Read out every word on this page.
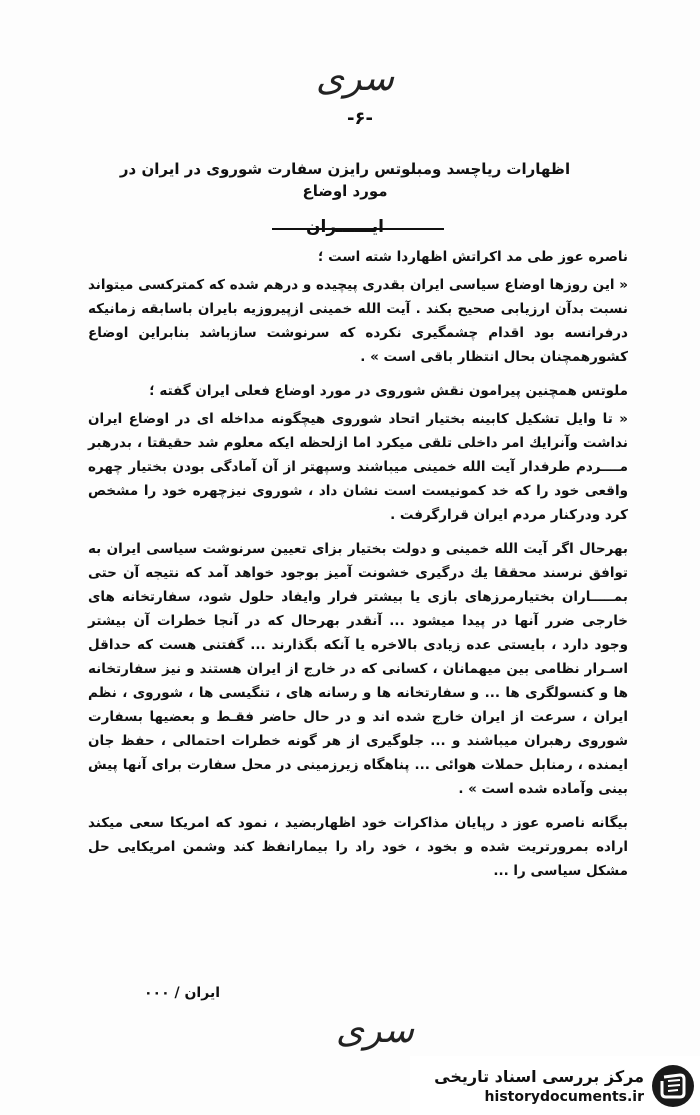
سری
-۶-
اظهارات رياچسد ومبلوتس رايزن سفارت شوروی در ايران در مورد اوضاع
ايــــــران

ناصره عوز طى مد اكراتش اظهاردا شته است ؛

« اين روزها اوضاع سياسى ايران بقدرى پيچيده و درهم شده كه كمتركسى ميتواند نسبت بدآن ارزيابى صحيح بكند . آيت الله خمينى ازپيروزيه بايران باسابقه زمانيكه درفرانسه بود اقدام چشمگيرى نكرده كه سرنوشت سازباشد بنابراين اوضاع كشورهمچنان بحال انتظار باقى است » .

ملوتس همچنين پيرامون نقش شوروى در مورد اوضاع فعلى ايران گفته ؛

« تا وايل تشكيل كابينه بختيار اتحاد شوروى هيچگونه مداخله اى در اوضاع ايران نداشت وآنرايك امر داخلى تلقى ميكرد اما ازلحظه ايكه معلوم شد حقيقتا ، بدرهبر مــــردم طرفدار آيت الله خمينى ميباشند وسپهتر از آن آمادگى بودن بختيار چهره واقعى خود را كه خد كمونيست است نشان داد ، شوروى نيزچهره خود را مشخص كرد ودركنار مردم ايران قرارگرفت .

بهرحال اگر آيت الله خمينى و دولت بختيار بزاى تعيين سرنوشت سياسى ايران به توافق نرسند محققا يك درگيرى خشونت آميز بوجود خواهد آمد كه نتيجه آن حتى بمـــــاران بختيارمرزهاى بازى يا بيشتر فرار وايفاد حلول شود، سفارتخانه هاى خارجى ضرر آنها در پيدا ميشود ... آنقدر بهرحال كه در آنجا خطرات آن بيشتر وجود دارد ، بايستى عده زيادى بالاخره يا آنكه بگذارند ... گفتنى هست كه حداقل اسـرار نظامى بين ميهمانان ، كسانى كه در خارج از ايران هستند و نيز سفارتخانه ها و كنسولگرى ها ... و سفارتخانه ها و رسانه هاى ، تنگيسى ها ، شوروى ، نظم ايران ، سرعت از ايران خارج شده اند و در حال حاضر فقـط و بعضيها بسفارت شوروى رهبران ميباشند و ... جلوگيرى از هر گونه خطرات احتمالى ، حفظ جان ايمنده ، رمنابل حملات هوائى ... پناهگاه زيرزمينى در محل سفارت براى آنها پيش بينى وآماده شده است » .

بيگانه ناصره عوز د رپايان مذاكرات خود اظهاربضيد ، نمود كه امريكا سعى ميكند اراده بمرورتريت شده و بخود ، خود راد را بيمارانفظ كند وشمن امريكايى حل مشكل سياسى را ...

ايران / ۰۰۰
سری
مرکز بررسی اسناد تاریخی
historydocuments.ir
